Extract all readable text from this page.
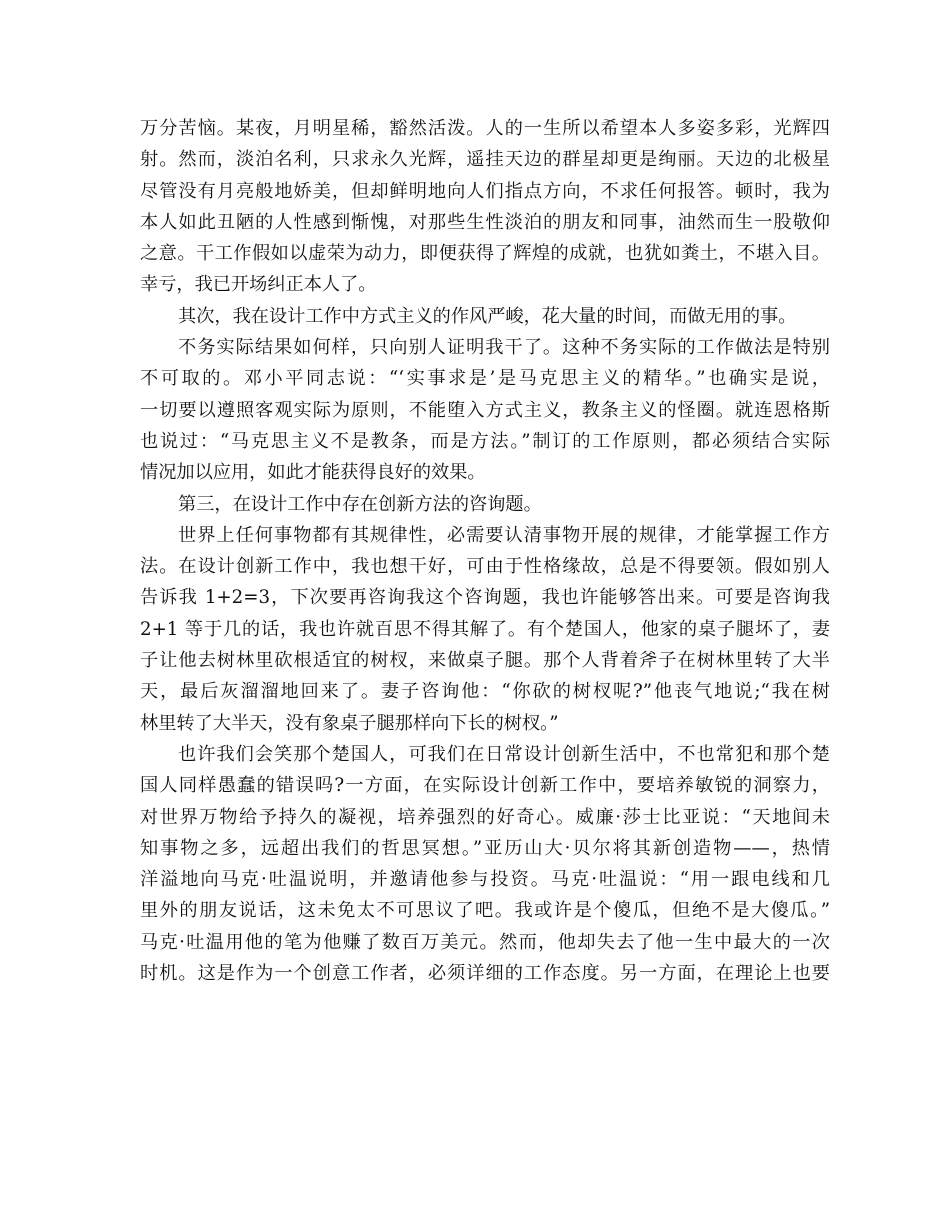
万分苦恼。某夜，月明星稀，豁然活泼。人的一生所以希望本人多姿多彩，光辉四
射。然而，淡泊名利，只求永久光辉，遥挂天边的群星却更是绚丽。天边的北极星
尽管没有月亮般地娇美，但却鲜明地向人们指点方向，不求任何报答。顿时，我为
本人如此丑陋的人性感到惭愧，对那些生性淡泊的朋友和同事，油然而生一股敬仰
之意。干工作假如以虚荣为动力，即便获得了辉煌的成就，也犹如粪土，不堪入目。
幸亏，我已开场纠正本人了。
其次，我在设计工作中方式主义的作风严峻，花大量的时间，而做无用的事。
不务实际结果如何样，只向别人证明我干了。这种不务实际的工作做法是特别
不可取的。邓小平同志说：“‘实事求是’是马克思主义的精华。”也确实是说，
一切要以遵照客观实际为原则，不能堕入方式主义，教条主义的怪圈。就连恩格斯
也说过：“马克思主义不是教条，而是方法。”制订的工作原则，都必须结合实际
情况加以应用，如此才能获得良好的效果。
第三，在设计工作中存在创新方法的咨询题。
世界上任何事物都有其规律性，必需要认清事物开展的规律，才能掌握工作方
法。在设计创新工作中，我也想干好，可由于性格缘故，总是不得要领。假如别人
告诉我 1+2=3，下次要再咨询我这个咨询题，我也许能够答出来。可要是咨询我
2+1 等于几的话，我也许就百思不得其解了。有个楚国人，他家的桌子腿坏了，妻
子让他去树林里砍根适宜的树杈，来做桌子腿。那个人背着斧子在树林里转了大半
天，最后灰溜溜地回来了。妻子咨询他：“你砍的树杈呢?”他丧气地说;“我在树
林里转了大半天，没有象桌子腿那样向下长的树杈。”
也许我们会笑那个楚国人，可我们在日常设计创新生活中，不也常犯和那个楚
国人同样愚蠢的错误吗?一方面，在实际设计创新工作中，要培养敏锐的洞察力，
对世界万物给予持久的凝视，培养强烈的好奇心。威廉·莎士比亚说：“天地间未
知事物之多，远超出我们的哲思冥想。”亚历山大·贝尔将其新创造物——，热情
洋溢地向马克·吐温说明，并邀请他参与投资。马克·吐温说：“用一跟电线和几
里外的朋友说话，这未免太不可思议了吧。我或许是个傻瓜，但绝不是大傻瓜。”
马克·吐温用他的笔为他赚了数百万美元。然而，他却失去了他一生中最大的一次
时机。这是作为一个创意工作者，必须详细的工作态度。另一方面，在理论上也要
